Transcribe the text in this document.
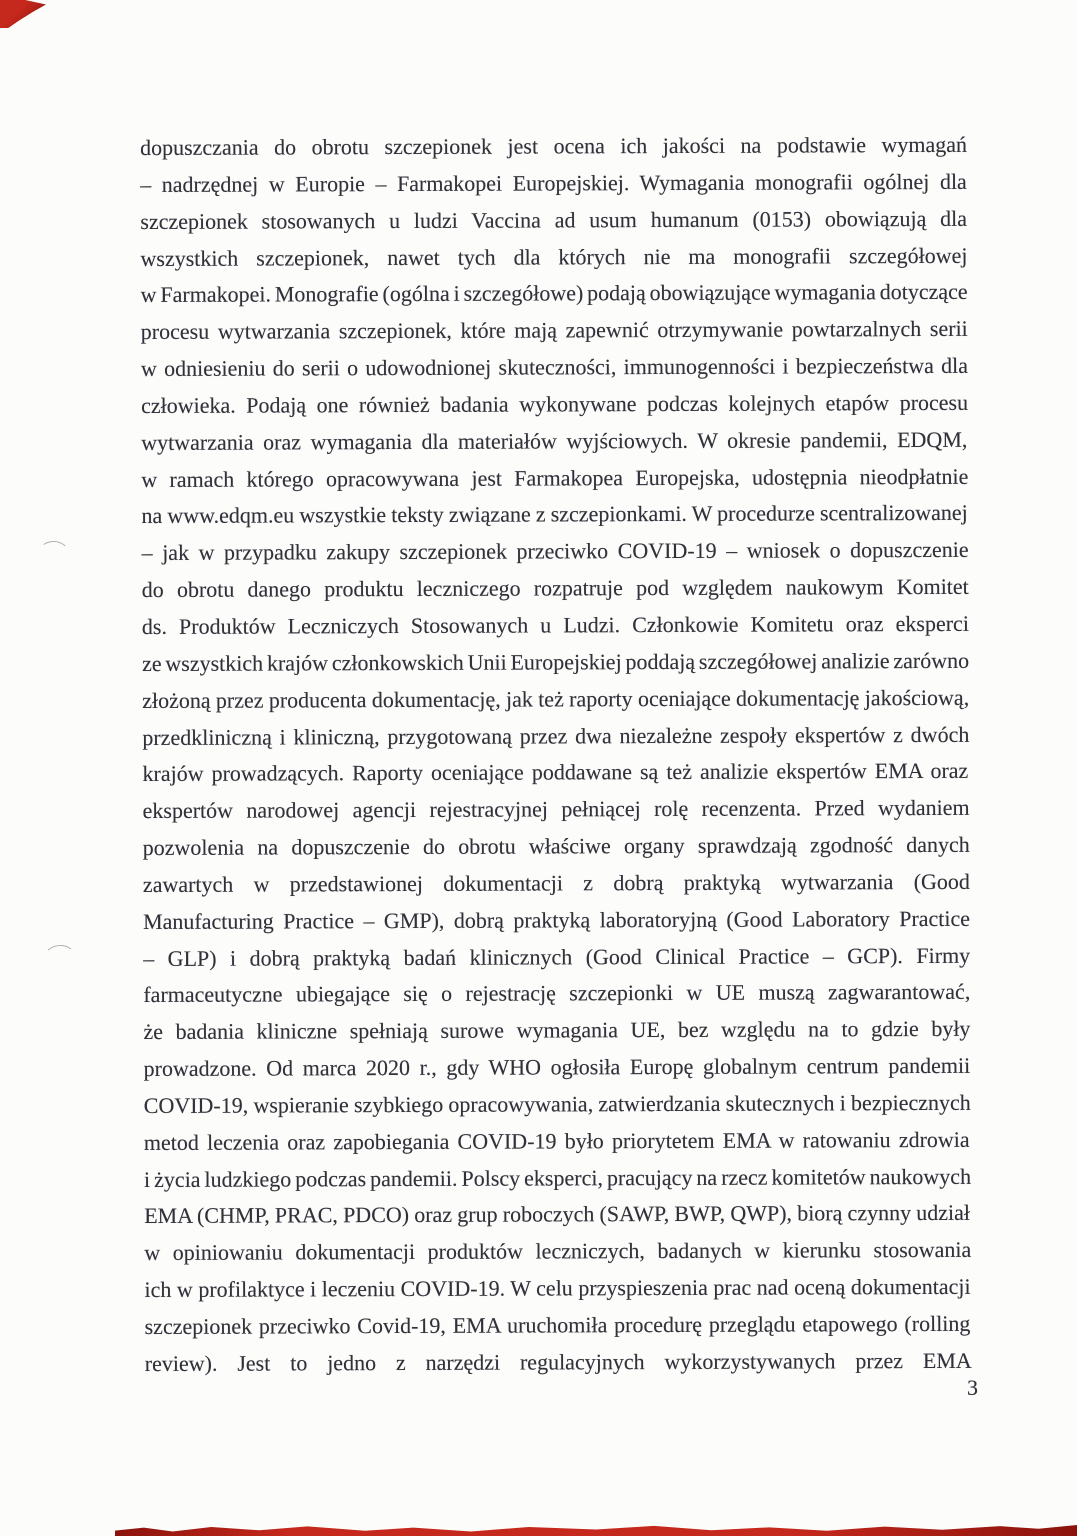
dopuszczania do obrotu szczepionek jest ocena ich jakości na podstawie wymagań
– nadrzędnej w Europie – Farmakopei Europejskiej. Wymagania monografii ogólnej dla
szczepionek stosowanych u ludzi Vaccina ad usum humanum (0153) obowiązują dla
wszystkich szczepionek, nawet tych dla których nie ma monografii szczegółowej
w Farmakopei. Monografie (ogólna i szczegółowe) podają obowiązujące wymagania dotyczące
procesu wytwarzania szczepionek, które mają zapewnić otrzymywanie powtarzalnych serii
w odniesieniu do serii o udowodnionej skuteczności, immunogenności i bezpieczeństwa dla
człowieka. Podają one również badania wykonywane podczas kolejnych etapów procesu
wytwarzania oraz wymagania dla materiałów wyjściowych. W okresie pandemii, EDQM,
w ramach którego opracowywana jest Farmakopea Europejska, udostępnia nieodpłatnie
na www.edqm.eu wszystkie teksty związane z szczepionkami. W procedurze scentralizowanej
– jak w przypadku zakupy szczepionek przeciwko COVID-19 – wniosek o dopuszczenie
do obrotu danego produktu leczniczego rozpatruje pod względem naukowym Komitet
ds. Produktów Leczniczych Stosowanych u Ludzi. Członkowie Komitetu oraz eksperci
ze wszystkich krajów członkowskich Unii Europejskiej poddają szczegółowej analizie zarówno
złożoną przez producenta dokumentację, jak też raporty oceniające dokumentację jakościową,
przedkliniczną i kliniczną, przygotowaną przez dwa niezależne zespoły ekspertów z dwóch
krajów prowadzących. Raporty oceniające poddawane są też analizie ekspertów EMA oraz
ekspertów narodowej agencji rejestracyjnej pełniącej rolę recenzenta. Przed wydaniem
pozwolenia na dopuszczenie do obrotu właściwe organy sprawdzają zgodność danych
zawartych w przedstawionej dokumentacji z dobrą praktyką wytwarzania (Good
Manufacturing Practice – GMP), dobrą praktyką laboratoryjną (Good Laboratory Practice
– GLP) i dobrą praktyką badań klinicznych (Good Clinical Practice – GCP). Firmy
farmaceutyczne ubiegające się o rejestrację szczepionki w UE muszą zagwarantować,
że badania kliniczne spełniają surowe wymagania UE, bez względu na to gdzie były
prowadzone. Od marca 2020 r., gdy WHO ogłosiła Europę globalnym centrum pandemii
COVID-19, wspieranie szybkiego opracowywania, zatwierdzania skutecznych i bezpiecznych
metod leczenia oraz zapobiegania COVID-19 było priorytetem EMA w ratowaniu zdrowia
i życia ludzkiego podczas pandemii. Polscy eksperci, pracujący na rzecz komitetów naukowych
EMA (CHMP, PRAC, PDCO) oraz grup roboczych (SAWP, BWP, QWP), biorą czynny udział
w opiniowaniu dokumentacji produktów leczniczych, badanych w kierunku stosowania
ich w profilaktyce i leczeniu COVID-19. W celu przyspieszenia prac nad oceną dokumentacji
szczepionek przeciwko Covid-19, EMA uruchomiła procedurę przeglądu etapowego (rolling
review). Jest to jedno z narzędzi regulacyjnych wykorzystywanych przez EMA
3
